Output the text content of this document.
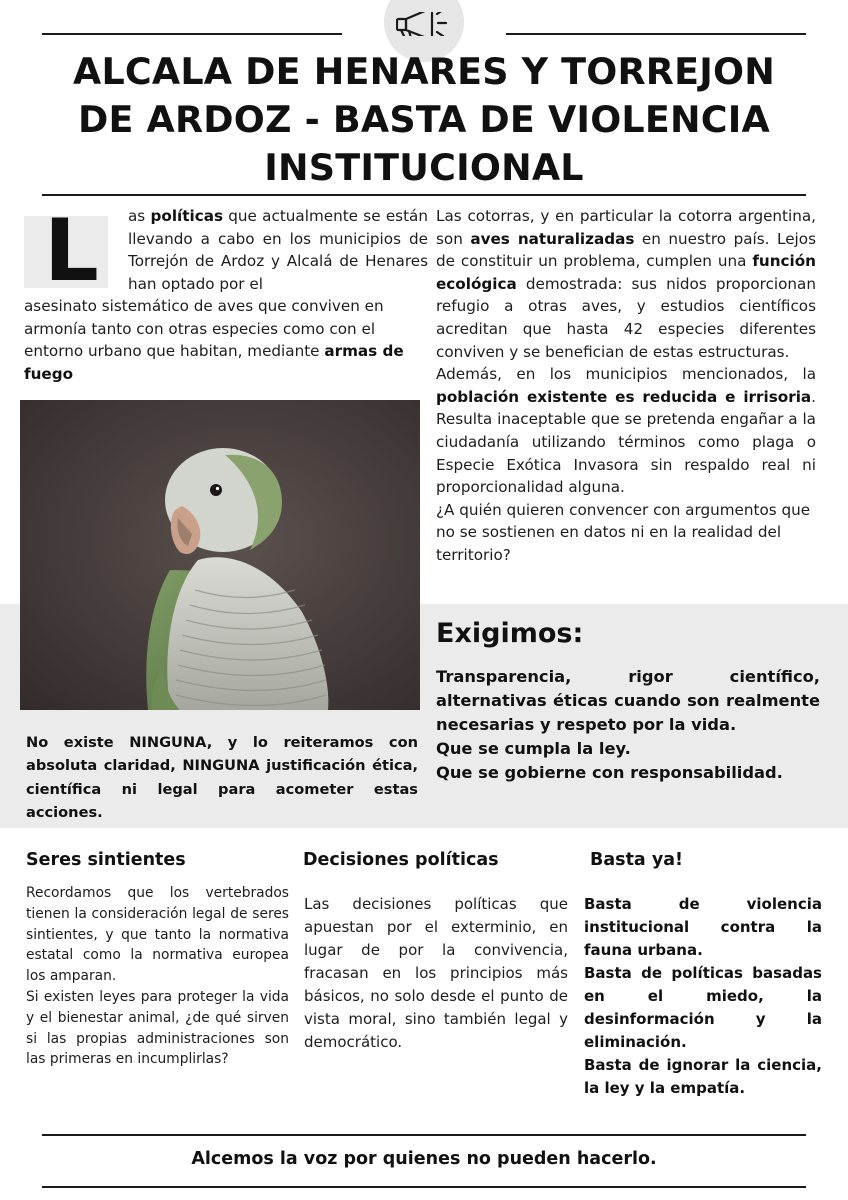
ALCALA DE HENARES Y TORREJON DE ARDOZ - BASTA DE VIOLENCIA INSTITUCIONAL
L as políticas que actualmente se están llevando a cabo en los municipios de Torrejón de Ardoz y Alcalá de Henares han optado por el

asesinato sistemático de aves que conviven en armonía tanto con otras especies como con el entorno urbano que habitan, mediante armas de fuego

Las cotorras, y en particular la cotorra argentina, son aves naturalizadas en nuestro país. Lejos de constituir un problema, cumplen una función ecológica demostrada: sus nidos proporcionan refugio a otras aves, y estudios científicos acreditan que hasta 42 especies diferentes conviven y se benefician de estas estructuras.

Además, en los municipios mencionados, la población existente es reducida e irrisoria. Resulta inaceptable que se pretenda engañar a la ciudadanía utilizando términos como plaga o Especie Exótica Invasora sin respaldo real ni proporcionalidad alguna.

¿A quién quieren convencer con argumentos que no se sostienen en datos ni en la realidad del territorio?

Exigimos:

Transparencia, rigor científico, alternativas éticas cuando son realmente necesarias y respeto por la vida.

Que se cumpla la ley.

Que se gobierne con responsabilidad.

No existe NINGUNA, y lo reiteramos con absoluta claridad, NINGUNA justificación ética, científica ni legal para acometer estas acciones.

Seres sintientes

Recordamos que los vertebrados tienen la consideración legal de seres sintientes, y que tanto la normativa estatal como la normativa europea los amparan.

Si existen leyes para proteger la vida y el bienestar animal, ¿de qué sirven si las propias administraciones son las primeras en incumplirlas?

Decisiones políticas

Las decisiones políticas que apuestan por el exterminio, en lugar de por la convivencia, fracasan en los principios más básicos, no solo desde el punto de vista moral, sino también legal y democrático.

Basta ya!

Basta de violencia institucional contra la fauna urbana.

Basta de políticas basadas en el miedo, la desinformación y la eliminación.

Basta de ignorar la ciencia, la ley y la empatía.

Alcemos la voz por quienes no pueden hacerlo.
